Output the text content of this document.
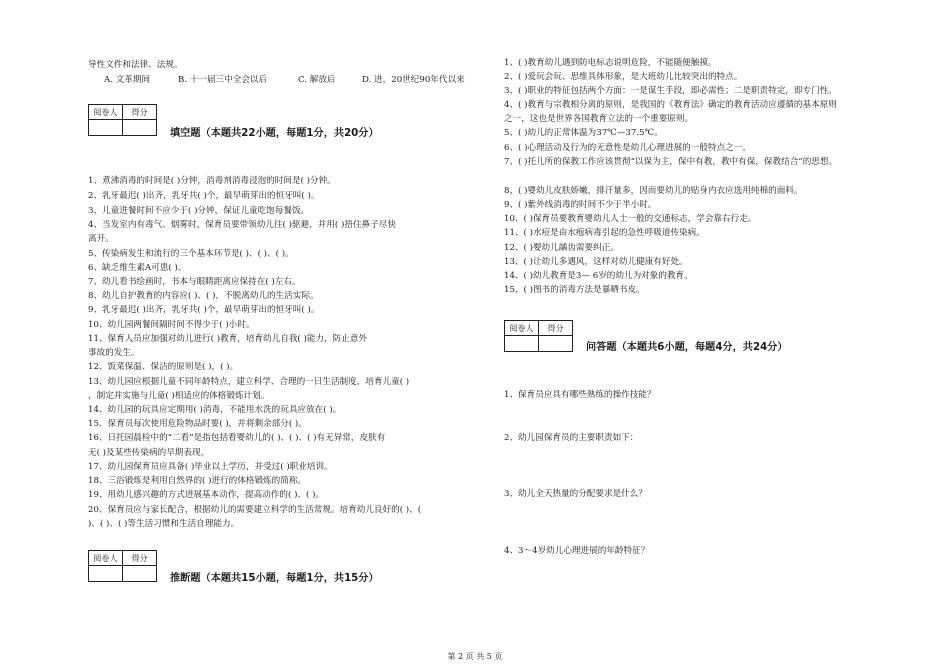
导性文件和法律、法规。
A. 文革期间	B. 十一届三中全会以后	C. 解放后	D. 进，20世纪90年代以来
阅卷人	得分

填空题（本题共22小题，每题1分，共20分）
1、煮沸消毒的时间是( )分钟，消毒剂消毒浸泡的时间是( )分钟。
2、乳牙最迟( )出齐，乳牙共( )个，最早萌芽出的恒牙叫( )。
3、儿童进餐时间不应少于( )分钟，保证儿童吃饱每餐饭。
4、当发室内有毒气、烟雾时，保育员要带领幼儿往( )驱避，并用( )捂住鼻子尽快
离开。
5、传染病发生和流行的三个基本环节是( )、( )、( )。
6、缺乏维生素A可患( )。
7、幼儿看书绘画时，书本与眼睛距离应保持在( )左右。
8、幼儿自护教育的内容应( )、( )，不脱离幼儿的生活实际。
9、乳牙最迟( )出齐，乳牙共( )个，最早萌芽出的恒牙叫( )。
10、幼儿园两餐间隔时间不得少于( )小时。
11、保育人员应加强对幼儿进行( )教育，培育幼儿自我( )能力，防止意外
事故的发生。
12、饭菜保温、保洁的原则是( )，( )。
13、幼儿园应根据儿童不同年龄特点，建立科学、合理的一日生活制度，培育儿童( )
，制定并实施与儿童( )相适应的体格锻炼计划。
14、幼儿园的玩具应定期用( )消毒，不能用水洗的玩具应放在( )。
15、保育员每次使用危险物品时要( )，并将剩余部分( )。
16、日托园晨检中的“二看”是指包括看婴幼儿的( )、( )、( )有无异常，皮肤有
无( )及某些传染病的早期表现。
17、幼儿园保育员应具备( )毕业以上学历，并受过( )职业培训。
18、三浴锻炼是利用自然界的( )进行的体格锻炼的简称。
19、用幼儿感兴趣的方式进展基本动作，提高动作的( )、( )。
20、保育员应与家长配合，根据幼儿的需要建立科学的生活常规。培育幼儿良好的( )、(
)、( )、( )等生活习惯和生活自理能力。
阅卷人	得分

推断题（本题共15小题，每题1分，共15分）
1、( )教育幼儿遇到防电标志说明危险，不能随便触摸。
2、( )爱玩会玩、思维具体形象，是大班幼儿比较突出的特点。
3、( )职业的特征包括两个方面：一是谋生手段，即必需性；二是职责特定，即专门性。
4、( )教育与宗教相分离的原则，是我国的《教育法》确定的教育活动应遵循的基本原则
之一，这也是世界各国教育立法的一个重要原则。
5、( )幼儿的正常体温为37℃—37.5℃。
6、( )心理活动及行为的无意性是幼儿心理进展的一般特点之一。
7、( )托儿所的保教工作应该贯彻“以保为主，保中有教，教中有保，保教结合”的思想。
8、( )婴幼儿皮肤娇嫩，排汗量多，因而要幼儿的贴身内衣应选用纯棉的面料。
9、( )紫外线消毒的时间不少于半小时。
10、( )保育员要教育婴幼儿人士一般的交通标志，学会靠右行走。
11、( )水痘是由水疱病毒引起的急性呼吸道传染病。
12、( )婴幼儿龋齿需要纠正。
13、( )让幼儿多遇风，这样对幼儿健康有好处。
14、( )幼儿教育是3— 6岁的幼儿为对象的教育。
15、( )图书的消毒方法是暴晒书皮。
阅卷人	得分

问答题（本题共6小题，每题4分，共24分）
1、保育员应具有哪些熟练的操作技能？
2、幼儿园保育员的主要职责如下：
3、幼儿全天热量的分配要求是什么？
4、3～4岁幼儿心理进展的年龄特征？
第 2 页 共 5 页
